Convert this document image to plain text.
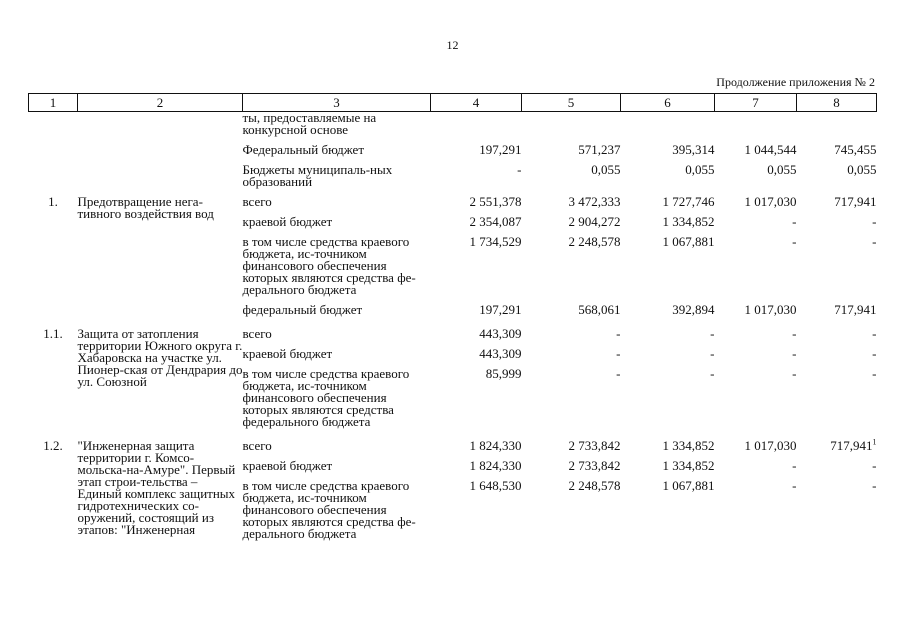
12
Продолжение приложения № 2
1	2	3	4	5	6	7	8
		ты, предоставляемые на конкурсной основе					

		Федеральный бюджет	197,291	571,237	395,314	1 044,544	745,455

		Бюджеты муниципаль-ных образований	-	0,055	0,055	0,055	0,055

1.	Предотвращение нега-тивного воздействия вод	всего	2 551,378	3 472,333	1 727,746	1 017,030	717,941

		краевой бюджет	2 354,087	2 904,272	1 334,852	-	-

		в том числе средства краевого бюджета, ис-точником финансового обеспечения которых являются средства фе-дерального бюджета	1 734,529	2 248,578	1 067,881	-	-

		федеральный бюджет	197,291	568,061	392,894	1 017,030	717,941

1.1.	Защита от затопления территории Южного округа г. Хабаровска на участке ул. Пионер-ская от Дендрария до ул. Союзной	всего	443,309	-	-	-	-

		краевой бюджет	443,309	-	-	-	-

		в том числе средства краевого бюджета, ис-точником финансового обеспечения которых являются средства федерального бюджета	85,999	-	-	-	-

1.2.	"Инженерная защита территории г. Комсо-мольска-на-Амуре". Первый этап строи-тельства – Единый комплекс защитных гидротехнических со-оружений, состоящий из этапов: "Инженерная	всего	1 824,330	2 733,842	1 334,852	1 017,030	717,941$^1$

		краевой бюджет	1 824,330	2 733,842	1 334,852	-	-

		в том числе средства краевого бюджета, ис-точником финансового обеспечения которых являются средства фе-дерального бюджета	1 648,530	2 248,578	1 067,881	-	-
